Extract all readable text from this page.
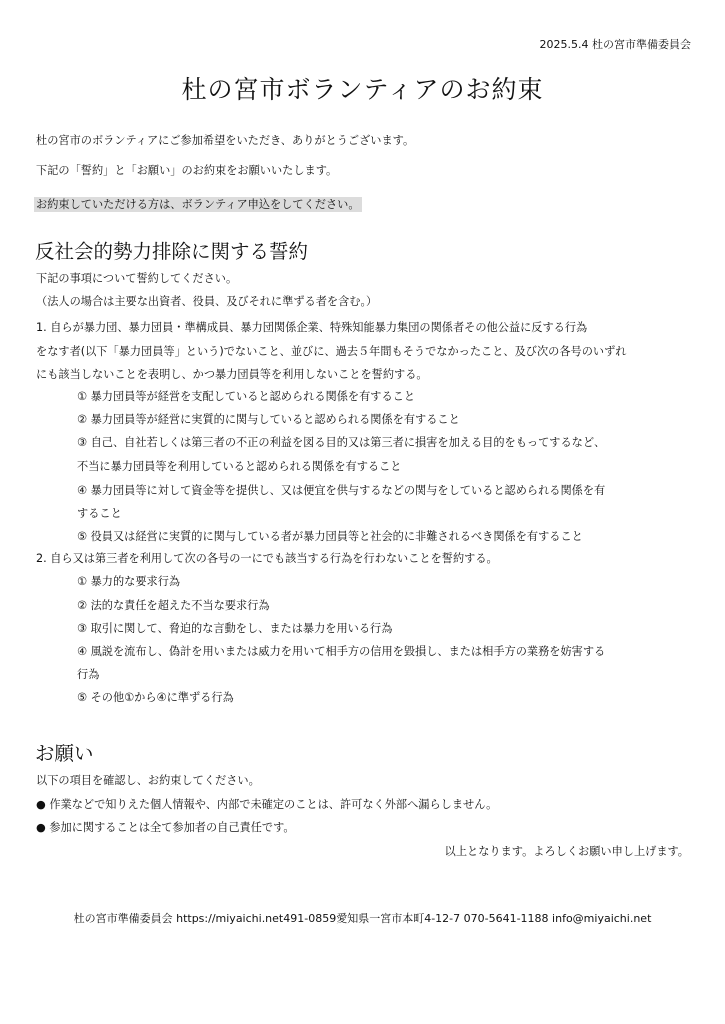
2025.5.4 杜の宮市準備委員会
杜の宮市ボランティアのお約束
杜の宮市のボランティアにご参加希望をいただき、ありがとうございます。
下記の「誓約」と「お願い」のお約束をお願いいたします。
お約束していただける方は、ボランティア申込をしてください。
反社会的勢力排除に関する誓約
下記の事項について誓約してください。
（法人の場合は主要な出資者、役員、及びそれに準ずる者を含む。）
1. 自らが暴力団、暴力団員・準構成員、暴力団関係企業、特殊知能暴力集団の関係者その他公益に反する行為
をなす者(以下「暴力団員等」という)でないこと、並びに、過去５年間もそうでなかったこと、及び次の各号のいずれ
にも該当しないことを表明し、かつ暴力団員等を利用しないことを誓約する。
① 暴力団員等が経営を支配していると認められる関係を有すること
② 暴力団員等が経営に実質的に関与していると認められる関係を有すること
③ 自己、自社若しくは第三者の不正の利益を図る目的又は第三者に損害を加える目的をもってするなど、
不当に暴力団員等を利用していると認められる関係を有すること
④ 暴力団員等に対して資金等を提供し、又は便宜を供与するなどの関与をしていると認められる関係を有
すること
⑤ 役員又は経営に実質的に関与している者が暴力団員等と社会的に非難されるべき関係を有すること
2. 自ら又は第三者を利用して次の各号の一にでも該当する行為を行わないことを誓約する。
① 暴力的な要求行為
② 法的な責任を超えた不当な要求行為
③ 取引に関して、脅迫的な言動をし、または暴力を用いる行為
④ 風説を流布し、偽計を用いまたは威力を用いて相手方の信用を毀損し、または相手方の業務を妨害する
行為
⑤ その他①から④に準ずる行為
お願い
以下の項目を確認し、お約束してください。
● 作業などで知りえた個人情報や、内部で未確定のことは、許可なく外部へ漏らしません。
● 参加に関することは全て参加者の自己責任です。
以上となります。よろしくお願い申し上げます。
杜の宮市準備委員会 https://miyaichi.net491-0859愛知県一宮市本町4-12-7 070-5641-1188 info@miyaichi.net
